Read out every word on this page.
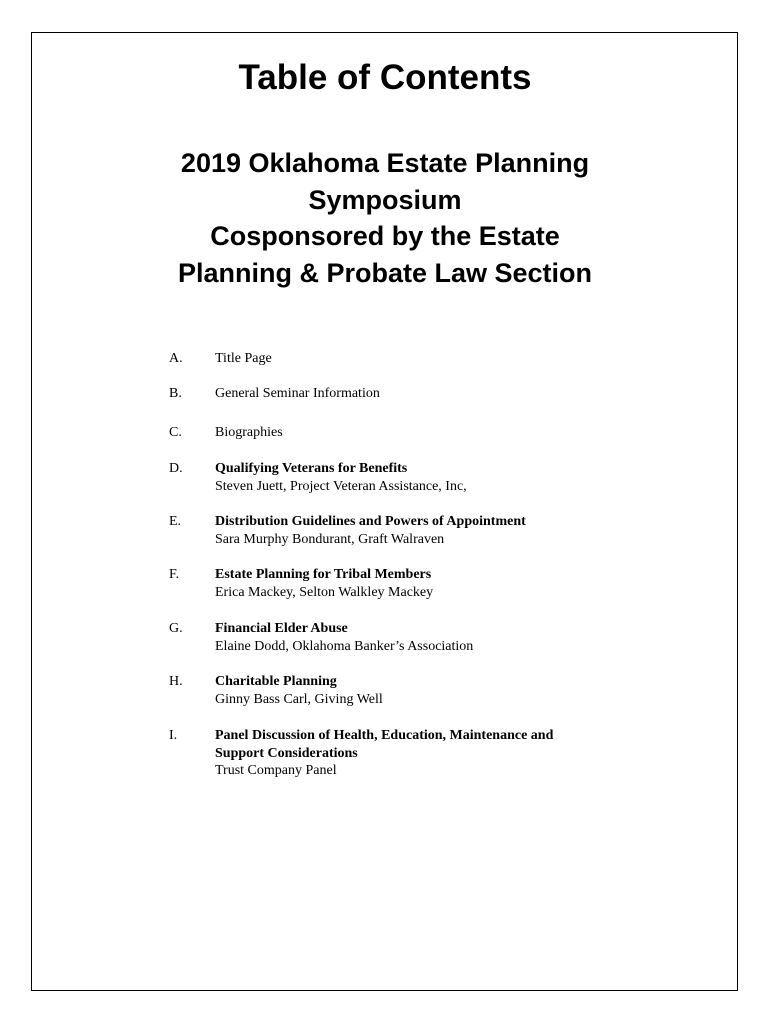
Table of Contents
2019 Oklahoma Estate Planning
Symposium
Cosponsored by the Estate
Planning & Probate Law Section
A.	Title Page
B.	General Seminar Information
C.	Biographies
D.	Qualifying Veterans for Benefits
Steven Juett, Project Veteran Assistance, Inc,
E.	Distribution Guidelines and Powers of Appointment
Sara Murphy Bondurant, Graft Walraven
F.	Estate Planning for Tribal Members
Erica Mackey, Selton Walkley Mackey
G.	Financial Elder Abuse
Elaine Dodd, Oklahoma Banker’s Association
H.	Charitable Planning
Ginny Bass Carl, Giving Well
I.	Panel Discussion of Health, Education, Maintenance and
Support Considerations
Trust Company Panel
